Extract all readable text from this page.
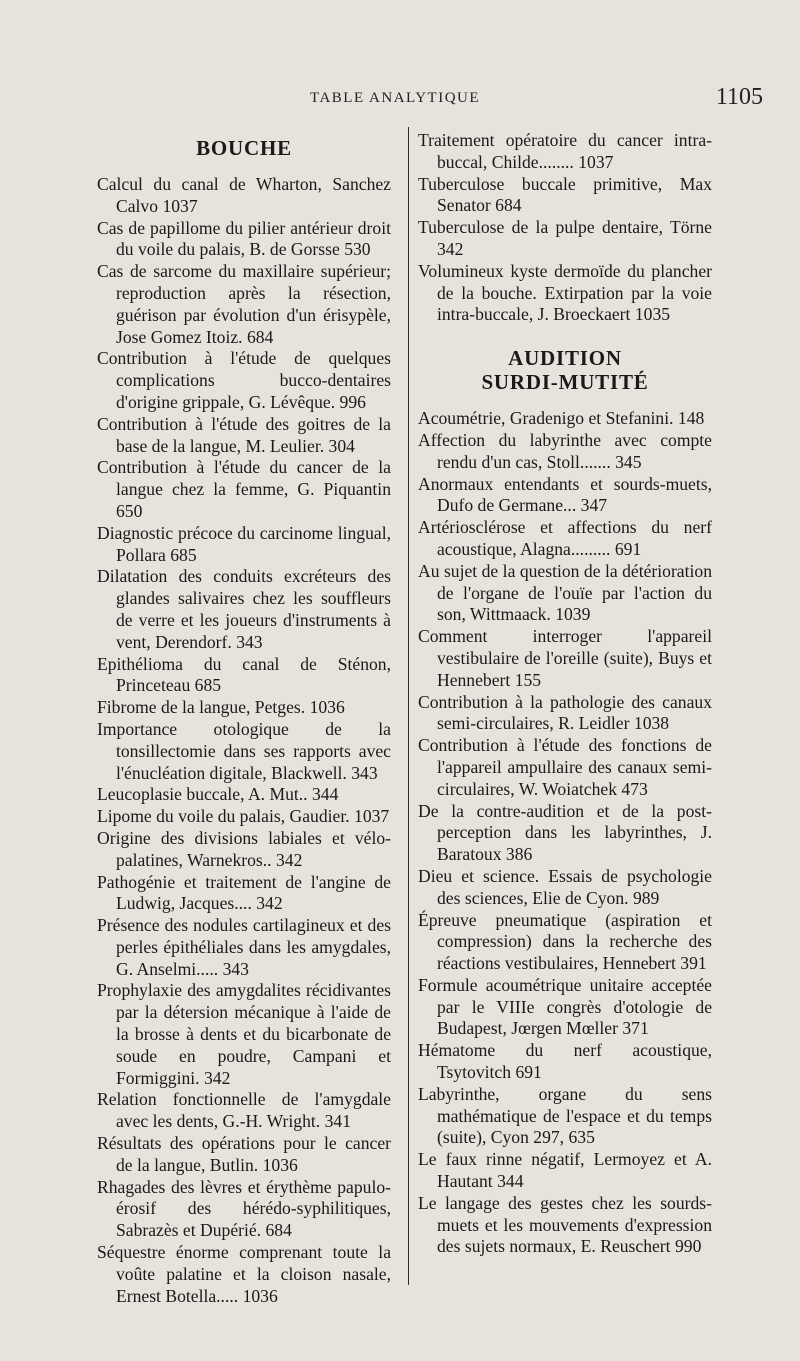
TABLE ANALYTIQUE	1105
BOUCHE

Calcul du canal de Wharton, Sanchez Calvo 1037

Cas de papillome du pilier antérieur droit du voile du palais, B. de Gorsse 530

Cas de sarcome du maxillaire supérieur; reproduction après la résection, guérison par évolution d'un érisypèle, Jose Gomez Itoiz. 684

Contribution à l'étude de quelques complications bucco-dentaires d'origine grippale, G. Lévêque. 996

Contribution à l'étude des goitres de la base de la langue, M. Leulier. 304

Contribution à l'étude du cancer de la langue chez la femme, G. Piquantin 650

Diagnostic précoce du carcinome lingual, Pollara 685

Dilatation des conduits excréteurs des glandes salivaires chez les souffleurs de verre et les joueurs d'instruments à vent, Derendorf. 343

Epithélioma du canal de Sténon, Princeteau 685

Fibrome de la langue, Petges. 1036

Importance otologique de la tonsillectomie dans ses rapports avec l'énucléation digitale, Blackwell. 343

Leucoplasie buccale, A. Mut.. 344

Lipome du voile du palais, Gaudier. 1037

Origine des divisions labiales et vélo-palatines, Warnekros.. 342

Pathogénie et traitement de l'angine de Ludwig, Jacques.... 342

Présence des nodules cartilagineux et des perles épithéliales dans les amygdales, G. Anselmi..... 343

Prophylaxie des amygdalites récidivantes par la détersion mécanique à l'aide de la brosse à dents et du bicarbonate de soude en poudre, Campani et Formiggini. 342

Relation fonctionnelle de l'amygdale avec les dents, G.-H. Wright. 341

Résultats des opérations pour le cancer de la langue, Butlin. 1036

Rhagades des lèvres et érythème papulo-érosif des hérédo-syphilitiques, Sabrazès et Dupérié. 684

Séquestre énorme comprenant toute la voûte palatine et la cloison nasale, Ernest Botella..... 1036

Traitement opératoire du cancer intra-buccal, Childe........ 1037

Tuberculose buccale primitive, Max Senator 684

Tuberculose de la pulpe dentaire, Törne 342

Volumineux kyste dermoïde du plancher de la bouche. Extirpation par la voie intra-buccale, J. Broeckaert 1035

AUDITION
SURDI-MUTITÉ

Acoumétrie, Gradenigo et Stefanini. 148

Affection du labyrinthe avec compte rendu d'un cas, Stoll....... 345

Anormaux entendants et sourds-muets, Dufo de Germane... 347

Artériosclérose et affections du nerf acoustique, Alagna......... 691

Au sujet de la question de la détérioration de l'organe de l'ouïe par l'action du son, Wittmaack. 1039

Comment interroger l'appareil vestibulaire de l'oreille (suite), Buys et Hennebert 155

Contribution à la pathologie des canaux semi-circulaires, R. Leidler 1038

Contribution à l'étude des fonctions de l'appareil ampullaire des canaux semi-circulaires, W. Woiatchek 473

De la contre-audition et de la post-perception dans les labyrinthes, J. Baratoux 386

Dieu et science. Essais de psychologie des sciences, Elie de Cyon. 989

Épreuve pneumatique (aspiration et compression) dans la recherche des réactions vestibulaires, Hennebert 391

Formule acoumétrique unitaire acceptée par le VIIIe congrès d'otologie de Budapest, Jœrgen Mœller 371

Hématome du nerf acoustique, Tsytovitch 691

Labyrinthe, organe du sens mathématique de l'espace et du temps (suite), Cyon 297, 635

Le faux rinne négatif, Lermoyez et A. Hautant 344

Le langage des gestes chez les sourds-muets et les mouvements d'expression des sujets normaux, E. Reuschert 990
